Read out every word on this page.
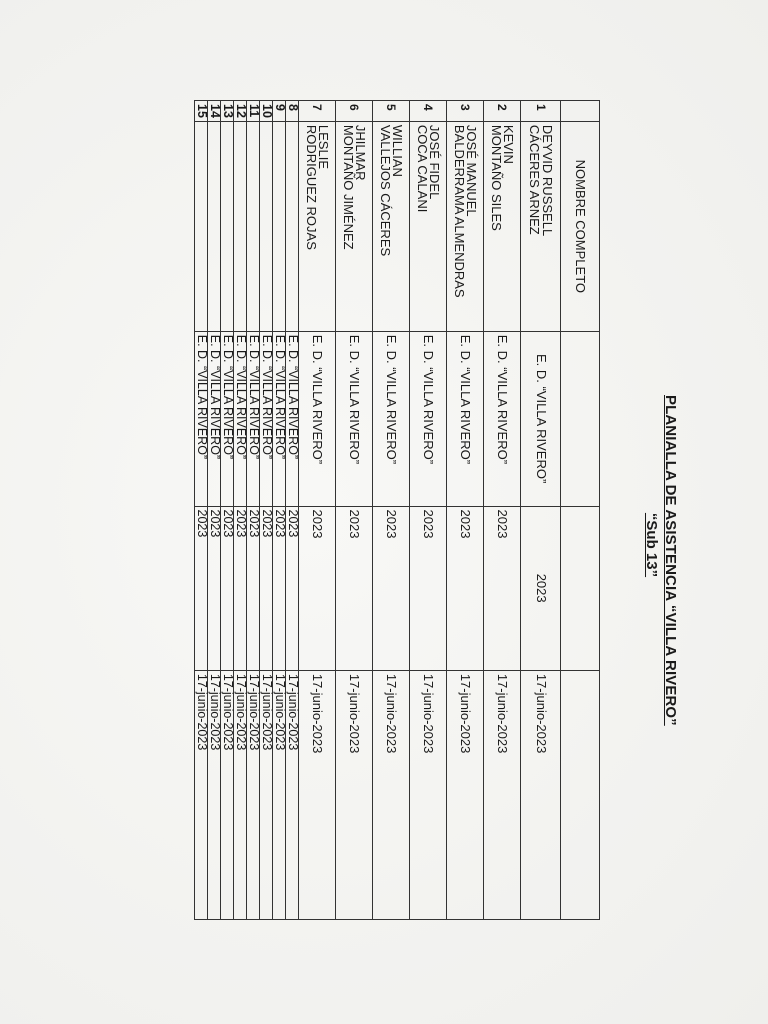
PLANIALLA DE ASISTENCIA “VILLA RIVERO”
“Sub 13”
	NOMBRE COMPLETO			
1	DEYVID RUSSELL
CÁCERES ARNEZ	E. D. “VILLA RIVERO”	2023	17-junio-2023
2	KEVIN
MONTAÑO SILES	E. D. “VILLA RIVERO”	2023	17-junio-2023
3	JOSÉ MANUEL
BALDERRAMA ALMENDRAS	E. D. “VILLA RIVERO”	2023	17-junio-2023
4	JOSÉ FIDEL
COCA CALANI	E. D. “VILLA RIVERO”	2023	17-junio-2023
5	WILLIAN
VALLEJOS CÁCERES	E. D. “VILLA RIVERO”	2023	17-junio-2023
6	JHILMAR
MONTAÑO JIMÉNEZ	E. D. “VILLA RIVERO”	2023	17-junio-2023
7	LESLIE
RODRIGUEZ ROJAS	E. D. “VILLA RIVERO”	2023	17-junio-2023
8		E. D. “VILLA RIVERO”	2023	17-junio-2023
9		E. D. “VILLA RIVERO”	2023	17-junio-2023
10		E. D. “VILLA RIVERO”	2023	17-junio-2023
11		E. D. “VILLA RIVERO”	2023	17-junio-2023
12		E. D. “VILLA RIVERO”	2023	17-junio-2023
13		E. D. “VILLA RIVERO”	2023	17-junio-2023
14		E. D. “VILLA RIVERO”	2023	17-junio-2023
15		E. D. “VILLA RIVERO”	2023	17-junio-2023
